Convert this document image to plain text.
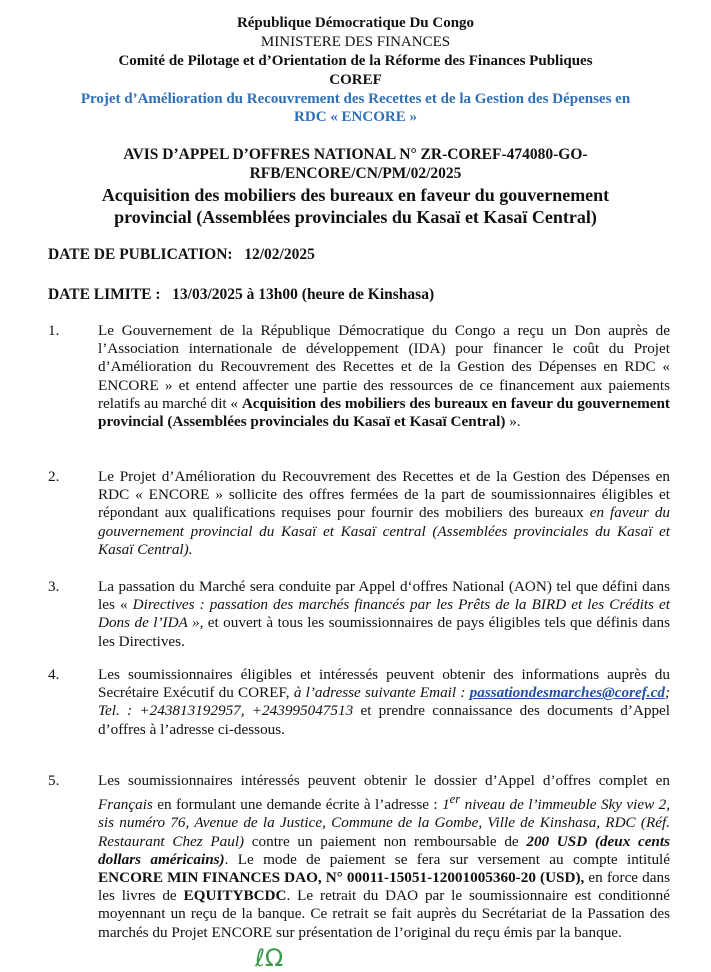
République Démocratique Du Congo
MINISTERE DES FINANCES
Comité de Pilotage et d’Orientation de la Réforme des Finances Publiques
COREF
Projet d’Amélioration du Recouvrement des Recettes et de la Gestion des Dépenses en
RDC « ENCORE »
AVIS D’APPEL D’OFFRES NATIONAL N° ZR-COREF-474080-GO-
RFB/ENCORE/CN/PM/02/2025
Acquisition des mobiliers des bureaux en faveur du gouvernement
provincial (Assemblées provinciales du Kasaï et Kasaï Central)
DATE DE PUBLICATION: 12/02/2025
DATE LIMITE : 13/03/2025 à 13h00 (heure de Kinshasa)
1.	Le Gouvernement de la République Démocratique du Congo a reçu un Don auprès de l’Association internationale de développement (IDA) pour financer le coût du Projet d’Amélioration du Recouvrement des Recettes et de la Gestion des Dépenses en RDC « ENCORE » et entend affecter une partie des ressources de ce financement aux paiements relatifs au marché dit « Acquisition des mobiliers des bureaux en faveur du gouvernement provincial (Assemblées provinciales du Kasaï et Kasaï Central) ».
2.	Le Projet d’Amélioration du Recouvrement des Recettes et de la Gestion des Dépenses en RDC « ENCORE » sollicite des offres fermées de la part de soumissionnaires éligibles et répondant aux qualifications requises pour fournir des mobiliers des bureaux en faveur du gouvernement provincial du Kasaï et Kasaï central (Assemblées provinciales du Kasaï et Kasaï Central).
3.	La passation du Marché sera conduite par Appel d‘offres National (AON) tel que défini dans les « Directives : passation des marchés financés par les Prêts de la BIRD et les Crédits et Dons de l’IDA », et ouvert à tous les soumissionnaires de pays éligibles tels que définis dans les Directives.
4.	Les soumissionnaires éligibles et intéressés peuvent obtenir des informations auprès du Secrétaire Exécutif du COREF, à l’adresse suivante Email : passationdesmarches@coref.cd; Tel. : +243813192957, +243995047513 et prendre connaissance des documents d’Appel d’offres à l’adresse ci-dessous.
5.	Les soumissionnaires intéressés peuvent obtenir le dossier d’Appel d’offres complet en Français en formulant une demande écrite à l’adresse : 1er niveau de l’immeuble Sky view 2, sis numéro 76, Avenue de la Justice, Commune de la Gombe, Ville de Kinshasa, RDC (Réf. Restaurant Chez Paul) contre un paiement non remboursable de 200 USD (deux cents dollars américains). Le mode de paiement se fera sur versement au compte intitulé ENCORE MIN FINANCES DAO, N° 00011-15051-12001005360-20 (USD), en force dans les livres de EQUITYBCDC. Le retrait du DAO par le soumissionnaire est conditionné moyennant un reçu de la banque. Ce retrait se fait auprès du Secrétariat de la Passation des marchés du Projet ENCORE sur présentation de l’original du reçu émis par la banque.
ℓΩ
